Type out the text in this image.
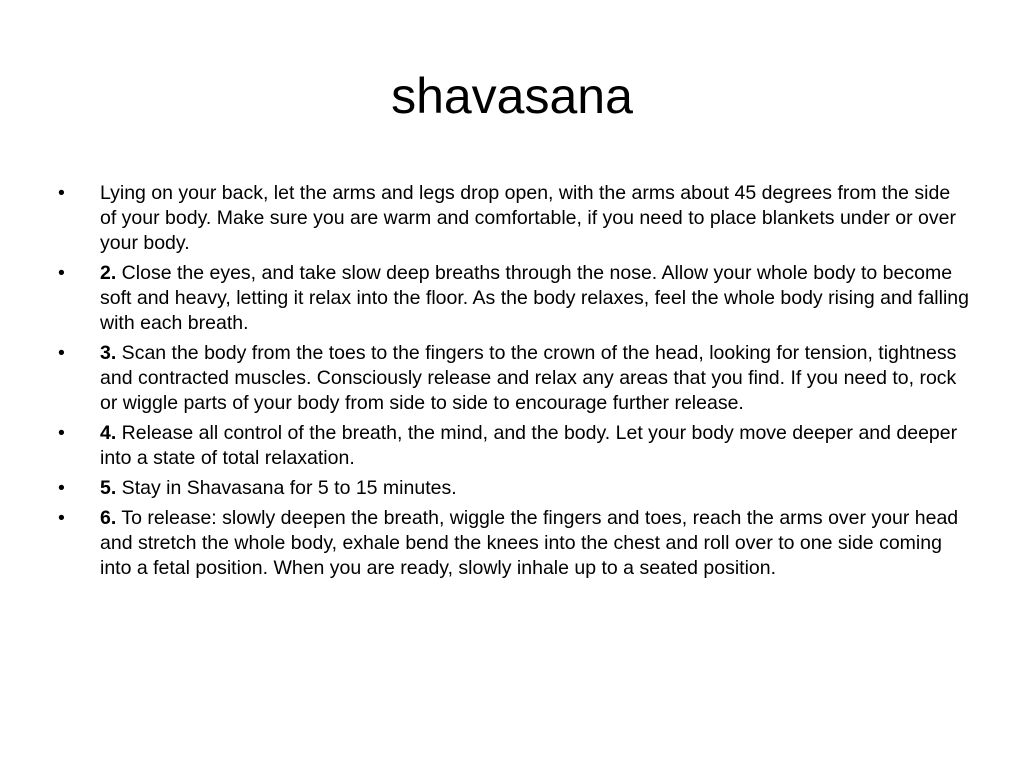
shavasana
•	Lying on your back, let the arms and legs drop open, with the arms about 45 degrees from the side of your body. Make sure you are warm and comfortable, if you need to place blankets under or over your body.
•	2. Close the eyes, and take slow deep breaths through the nose. Allow your whole body to become soft and heavy, letting it relax into the floor. As the body relaxes, feel the whole body rising and falling with each breath.
•	3. Scan the body from the toes to the fingers to the crown of the head, looking for tension, tightness and contracted muscles. Consciously release and relax any areas that you find. If you need to, rock or wiggle parts of your body from side to side to encourage further release.
•	4. Release all control of the breath, the mind, and the body. Let your body move deeper and deeper into a state of total relaxation.
•	5. Stay in Shavasana for 5 to 15 minutes.
•	6. To release: slowly deepen the breath, wiggle the fingers and toes, reach the arms over your head and stretch the whole body, exhale bend the knees into the chest and roll over to one side coming into a fetal position. When you are ready, slowly inhale up to a seated position.
